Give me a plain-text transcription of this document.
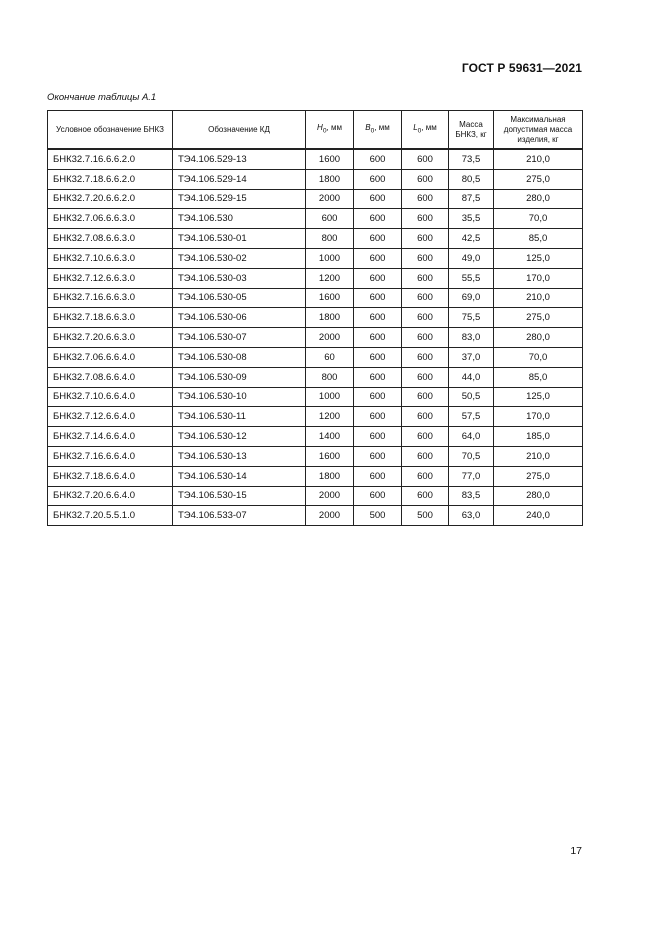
ГОСТ Р 59631—2021
Окончание таблицы А.1
Условное обозначение БНКЗ	Обозначение КД	$H_0$, мм	$B_0$, мм	$L_0$, мм	Масса БНКЗ, кг	Максимальная допустимая масса изделия, кг
БНК32.7.16.6.6.2.0	ТЭ4.106.529-13	1600	600	600	73,5	210,0
БНК32.7.18.6.6.2.0	ТЭ4.106.529-14	1800	600	600	80,5	275,0
БНК32.7.20.6.6.2.0	ТЭ4.106.529-15	2000	600	600	87,5	280,0
БНК32.7.06.6.6.3.0	ТЭ4.106.530	600	600	600	35,5	70,0
БНК32.7.08.6.6.3.0	ТЭ4.106.530-01	800	600	600	42,5	85,0
БНК32.7.10.6.6.3.0	ТЭ4.106.530-02	1000	600	600	49,0	125,0
БНК32.7.12.6.6.3.0	ТЭ4.106.530-03	1200	600	600	55,5	170,0
БНК32.7.16.6.6.3.0	ТЭ4.106.530-05	1600	600	600	69,0	210,0
БНК32.7.18.6.6.3.0	ТЭ4.106.530-06	1800	600	600	75,5	275,0
БНК32.7.20.6.6.3.0	ТЭ4.106.530-07	2000	600	600	83,0	280,0
БНК32.7.06.6.6.4.0	ТЭ4.106.530-08	60	600	600	37,0	70,0
БНК32.7.08.6.6.4.0	ТЭ4.106.530-09	800	600	600	44,0	85,0
БНК32.7.10.6.6.4.0	ТЭ4.106.530-10	1000	600	600	50,5	125,0
БНК32.7.12.6.6.4.0	ТЭ4.106.530-11	1200	600	600	57,5	170,0
БНК32.7.14.6.6.4.0	ТЭ4.106.530-12	1400	600	600	64,0	185,0
БНК32.7.16.6.6.4.0	ТЭ4.106.530-13	1600	600	600	70,5	210,0
БНК32.7.18.6.6.4.0	ТЭ4.106.530-14	1800	600	600	77,0	275,0
БНК32.7.20.6.6.4.0	ТЭ4.106.530-15	2000	600	600	83,5	280,0
БНК32.7.20.5.5.1.0	ТЭ4.106.533-07	2000	500	500	63,0	240,0
17
